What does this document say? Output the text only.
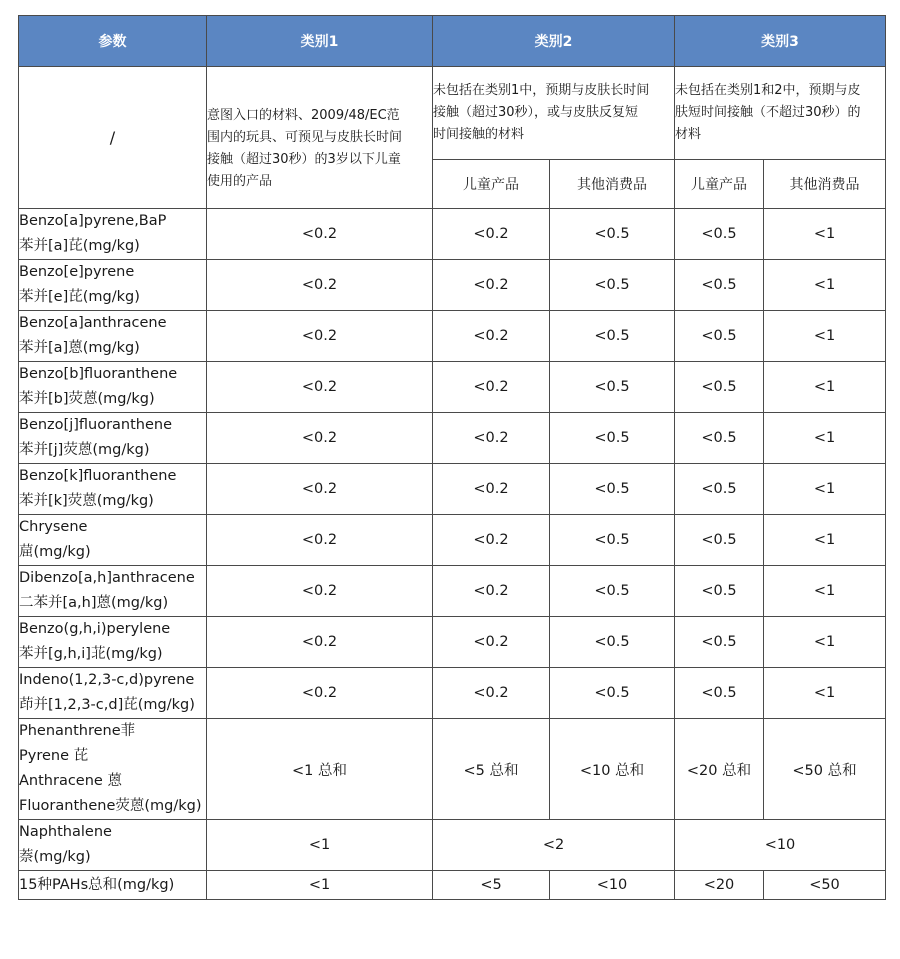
参数	类别1	类别2		类别3	
/	意图入口的材料、2009/48/EC范
围内的玩具、可预见与皮肤长时间
接触（超过30秒）的3岁以下儿童
使用的产品	未包括在类别1中，预期与皮肤长时间
接触（超过30秒），或与皮肤反复短
时间接触的材料		未包括在类别1和2中，预期与皮
肤短时间接触（不超过30秒）的
材料	

		儿童产品	其他消费品	儿童产品	其他消费品

Benzo[a]pyrene,BaP
苯并[a]芘(mg/kg)	<0.2	<0.2	<0.5	<0.5	<1

Benzo[e]pyrene
苯并[e]芘(mg/kg)	<0.2	<0.2	<0.5	<0.5	<1

Benzo[a]anthracene
苯并[a]蒽(mg/kg)	<0.2	<0.2	<0.5	<0.5	<1

Benzo[b]fluoranthene
苯并[b]荧蒽(mg/kg)	<0.2	<0.2	<0.5	<0.5	<1

Benzo[j]fluoranthene
苯并[j]荧蒽(mg/kg)	<0.2	<0.2	<0.5	<0.5	<1

Benzo[k]fluoranthene
苯并[k]荧蒽(mg/kg)	<0.2	<0.2	<0.5	<0.5	<1

Chrysene
䓛(mg/kg)	<0.2	<0.2	<0.5	<0.5	<1

Dibenzo[a,h]anthracene
二苯并[a,h]蒽(mg/kg)	<0.2	<0.2	<0.5	<0.5	<1

Benzo(g,h,i)perylene
苯并[g,h,i]苝(mg/kg)	<0.2	<0.2	<0.5	<0.5	<1

Indeno(1,2,3-c,d)pyrene
茚并[1,2,3-c,d]芘(mg/kg)	<0.2	<0.2	<0.5	<0.5	<1

Phenanthrene菲
Pyrene 芘
Anthracene 蒽
Fluoranthene荧蒽(mg/kg)	<1 总和	<5 总和	<10 总和	<20 总和	<50 总和

Naphthalene
萘(mg/kg)	<1	<2		<10	
15种PAHs总和(mg/kg)	<1	<5	<10	<20	<50
